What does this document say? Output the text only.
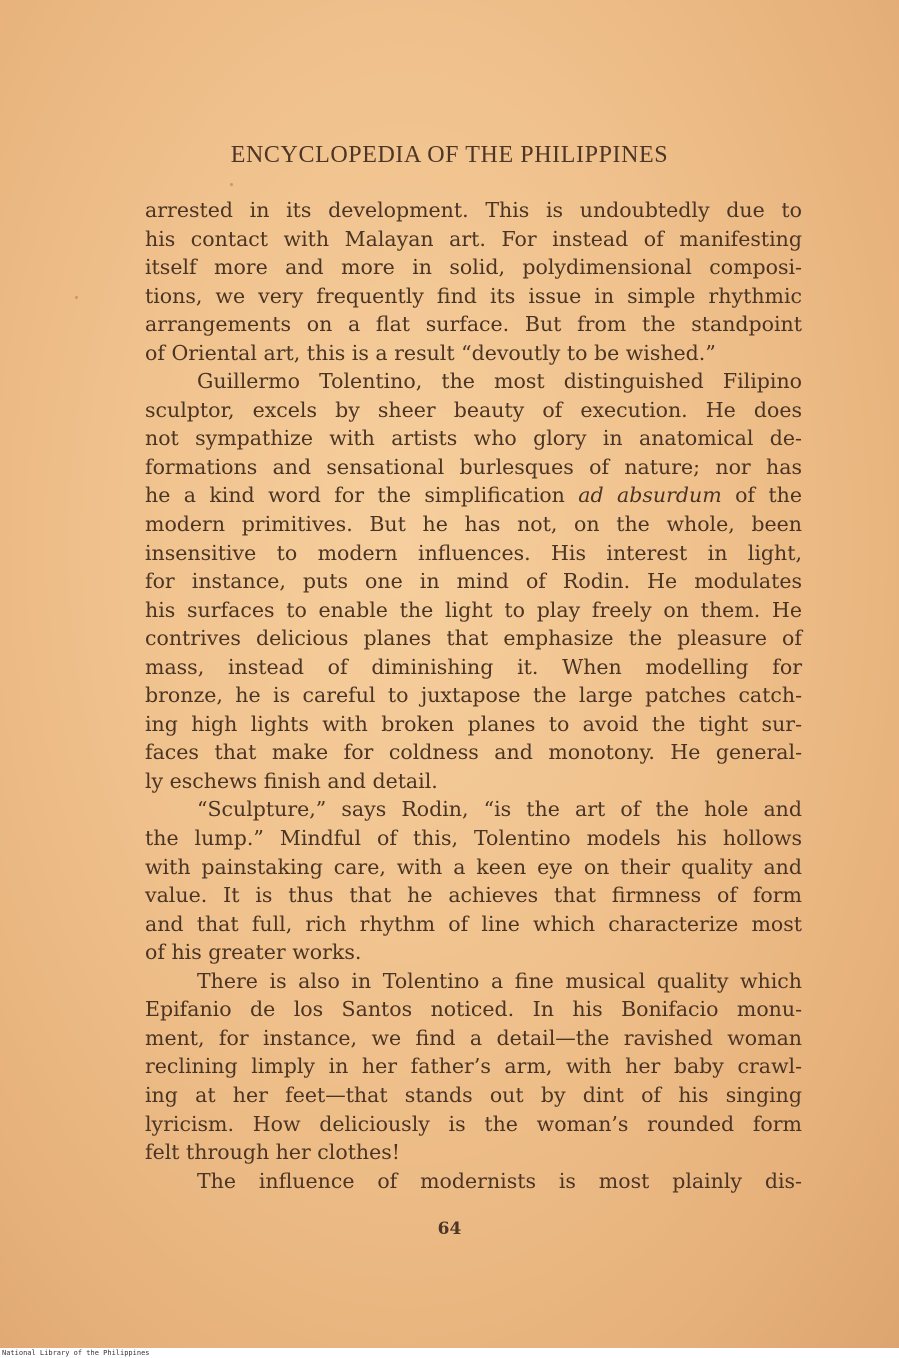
ENCYCLOPEDIA OF THE PHILIPPINES
arrested in its development. This is undoubtedly due to
his contact with Malayan art. For instead of manifesting
itself more and more in solid, polydimensional composi-
tions, we very frequently find its issue in simple rhythmic
arrangements on a flat surface. But from the standpoint
of Oriental art, this is a result “devoutly to be wished.”
Guillermo Tolentino, the most distinguished Filipino
sculptor, excels by sheer beauty of execution. He does
not sympathize with artists who glory in anatomical de-
formations and sensational burlesques of nature; nor has
he a kind word for the simplification ad absurdum of the
modern primitives. But he has not, on the whole, been
insensitive to modern influences. His interest in light,
for instance, puts one in mind of Rodin. He modulates
his surfaces to enable the light to play freely on them. He
contrives delicious planes that emphasize the pleasure of
mass, instead of diminishing it. When modelling for
bronze, he is careful to juxtapose the large patches catch-
ing high lights with broken planes to avoid the tight sur-
faces that make for coldness and monotony. He general-
ly eschews finish and detail.
“Sculpture,” says Rodin, “is the art of the hole and
the lump.” Mindful of this, Tolentino models his hollows
with painstaking care, with a keen eye on their quality and
value. It is thus that he achieves that firmness of form
and that full, rich rhythm of line which characterize most
of his greater works.
There is also in Tolentino a fine musical quality which
Epifanio de los Santos noticed. In his Bonifacio monu-
ment, for instance, we find a detail—the ravished woman
reclining limply in her father’s arm, with her baby crawl-
ing at her feet—that stands out by dint of his singing
lyricism. How deliciously is the woman’s rounded form
felt through her clothes!
The influence of modernists is most plainly dis-
64
National Library of the Philippines
